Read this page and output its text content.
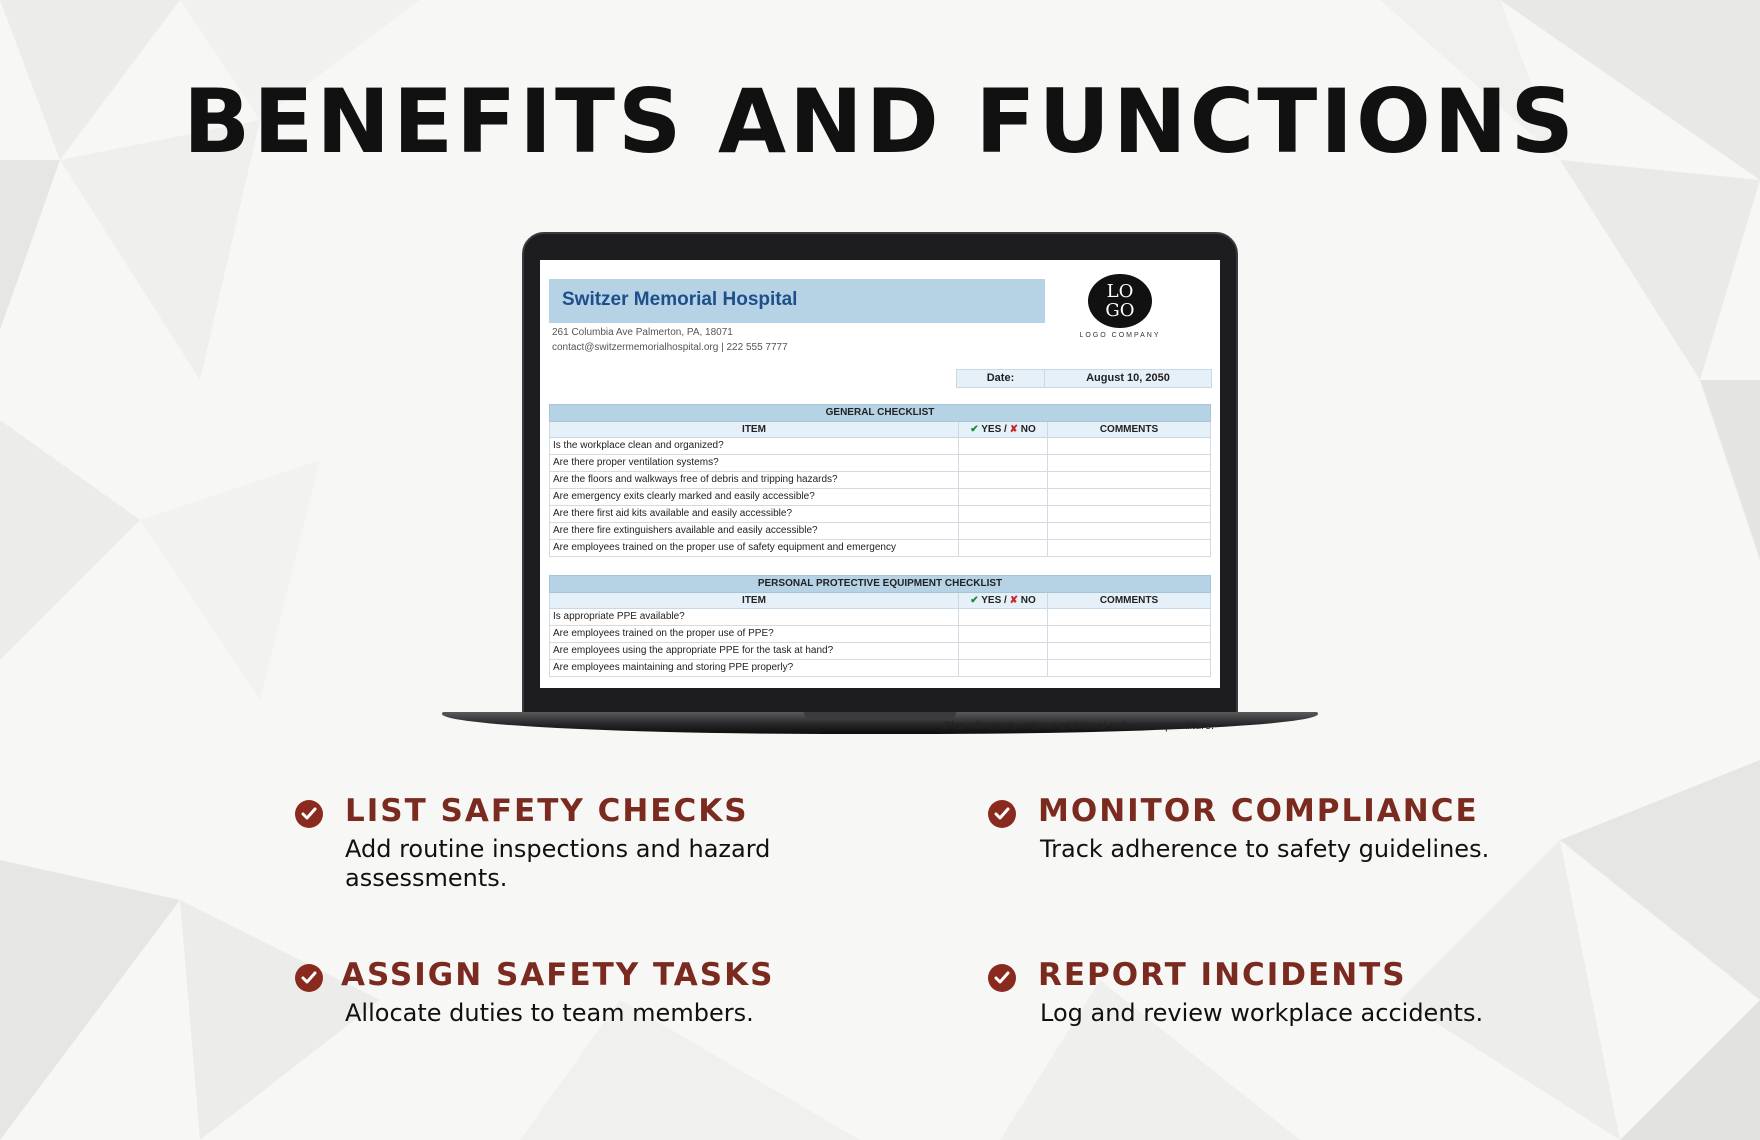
BENEFITS AND FUNCTIONS
Switzer Memorial Hospital
261 Columbia Ave Palmerton, PA, 18071
contact@switzermemorialhospital.org | 222 555 7777
LO
GO
LOGO COMPANY
Date:	August 10, 2050
GENERAL CHECKLIST
ITEM	✔ YES / ✘ NO	COMMENTS
Is the workplace clean and organized?
Are there proper ventilation systems?
Are the floors and walkways free of debris and tripping hazards?
Are emergency exits clearly marked and easily accessible?
Are there first aid kits available and easily accessible?
Are there fire extinguishers available and easily accessible?
Are employees trained on the proper use of safety equipment and emergency
PERSONAL PROTECTIVE EQUIPMENT CHECKLIST
ITEM	✔ YES / ✘ NO	COMMENTS
Is appropriate PPE available?
Are employees trained on the proper use of PPE?
Are employees using the appropriate PPE for the task at hand?
Are employees maintaining and storing PPE properly?
Plan effectively without additional software expenditure.
LIST SAFETY CHECKS
Add routine inspections and hazard assessments.
MONITOR COMPLIANCE
Track adherence to safety guidelines.
ASSIGN SAFETY TASKS
Allocate duties to team members.
REPORT INCIDENTS
Log and review workplace accidents.
